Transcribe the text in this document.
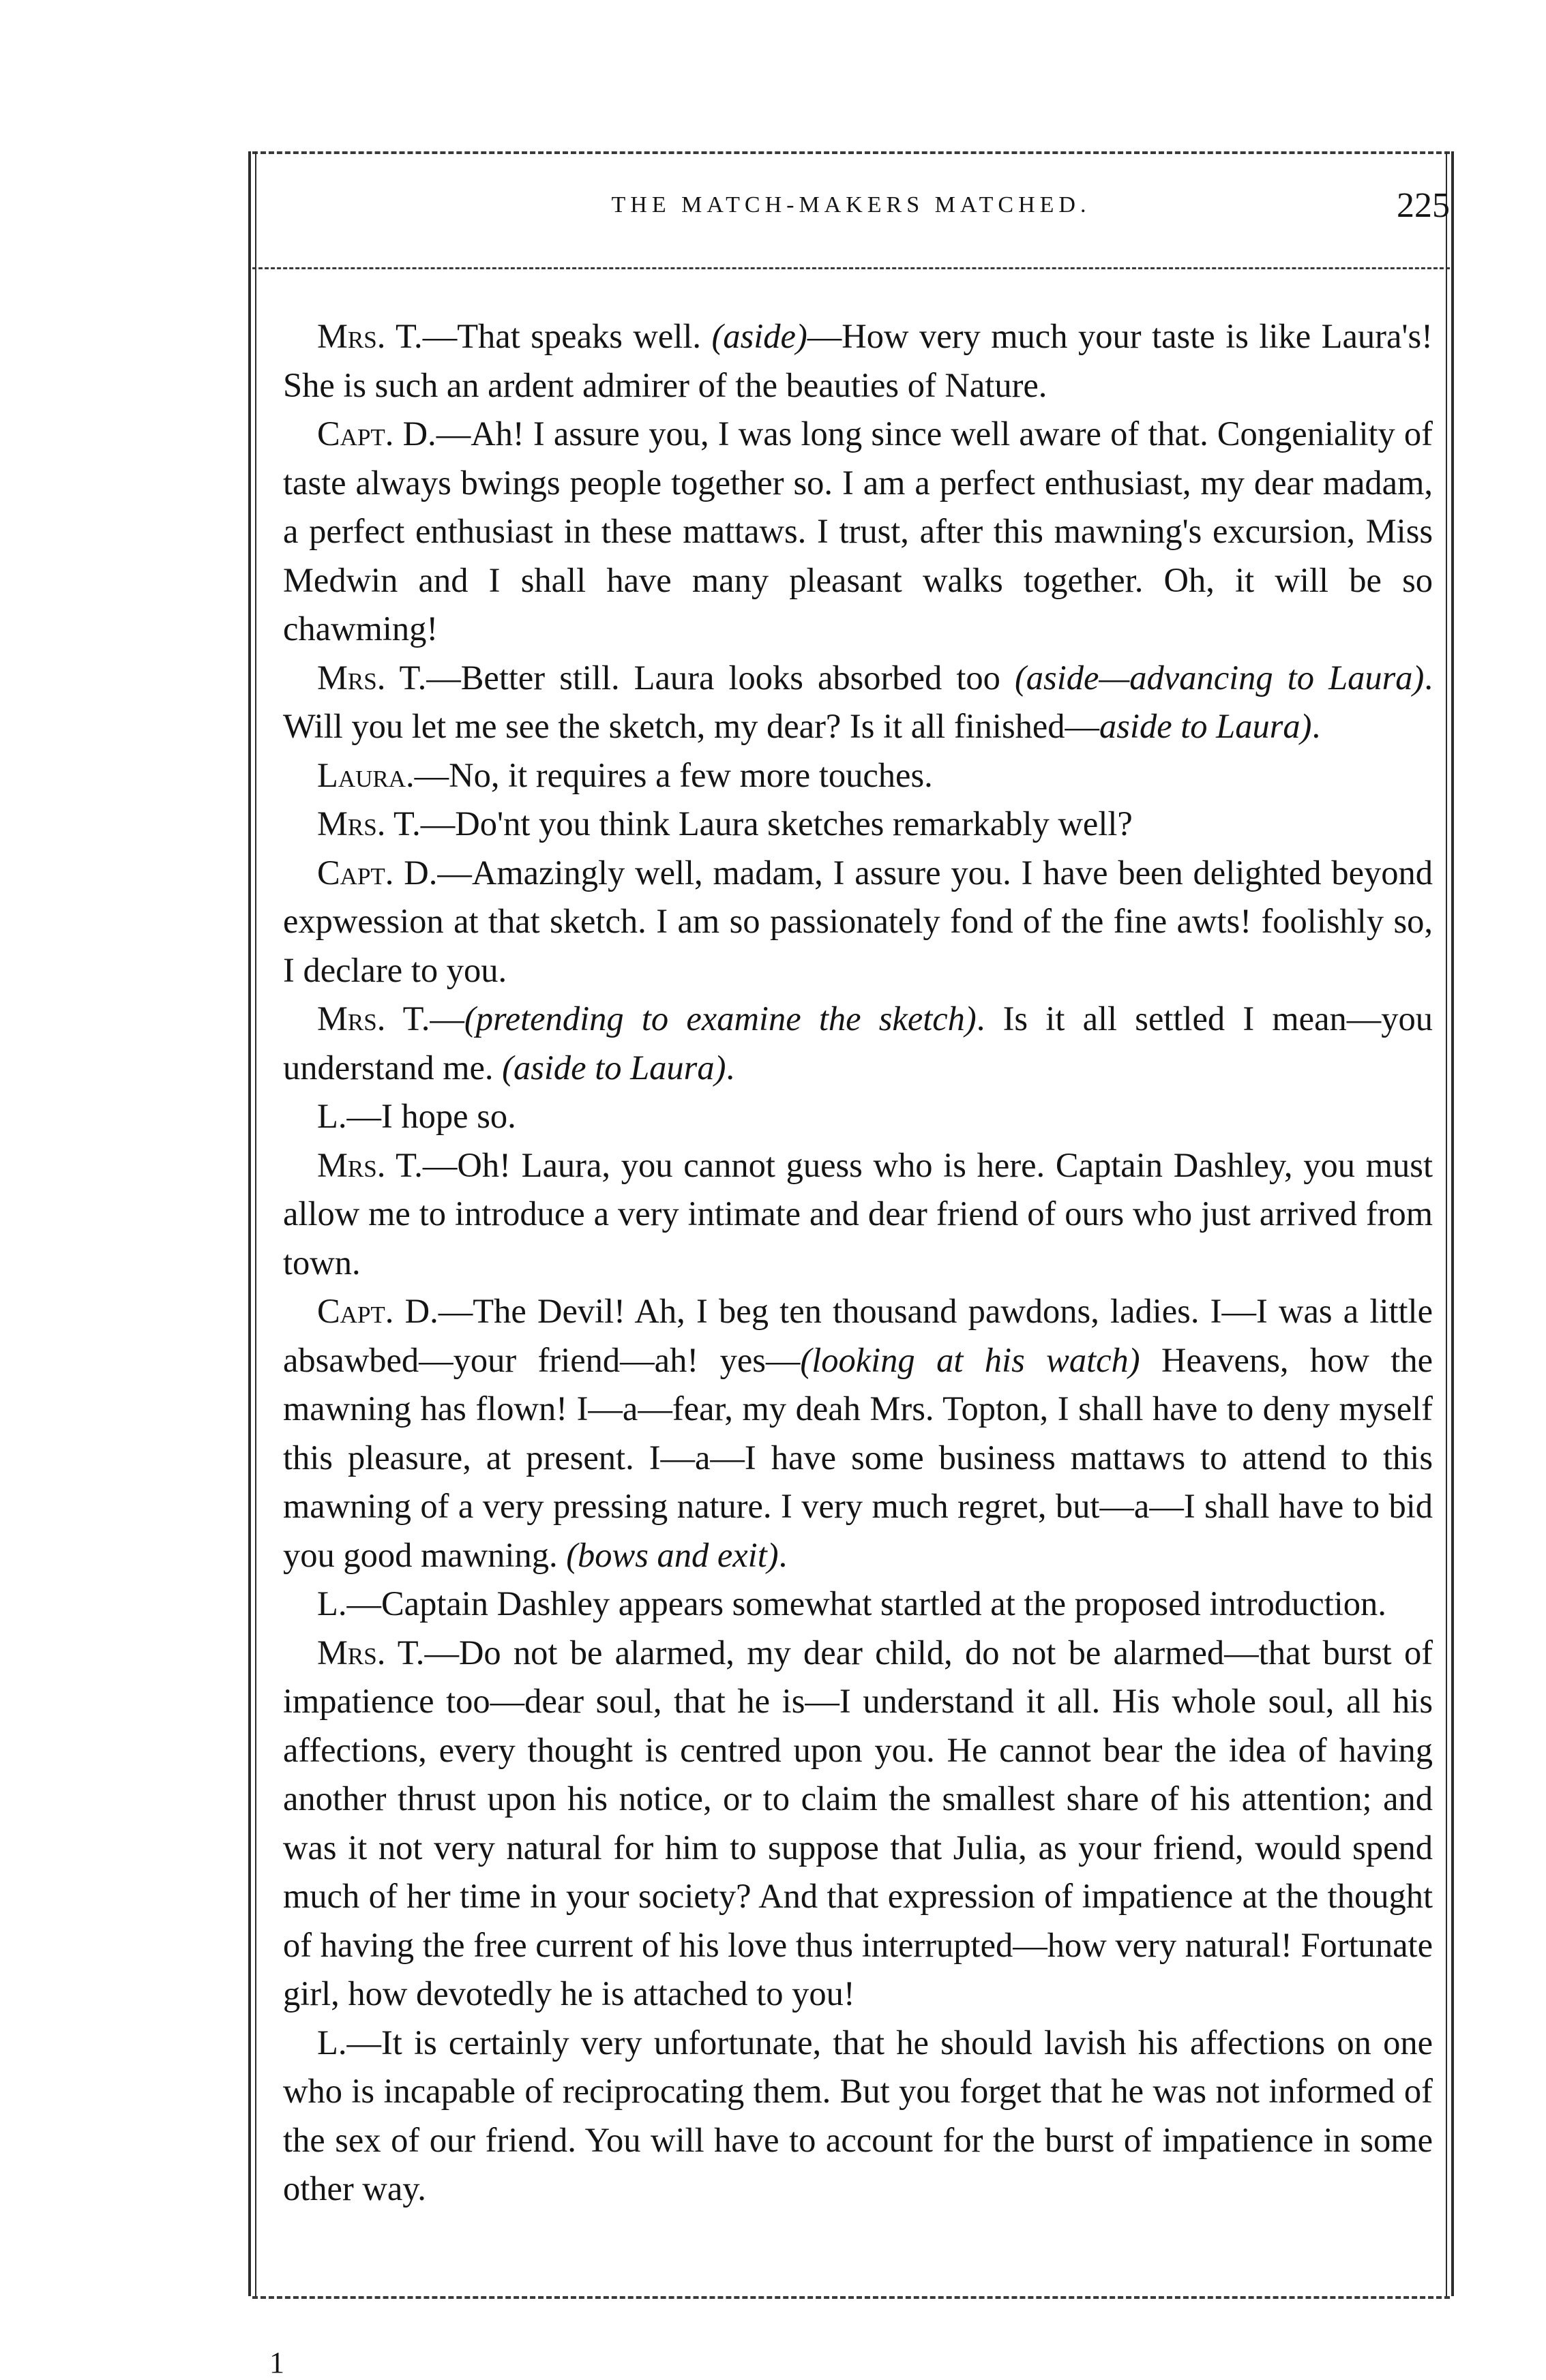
THE MATCH-MAKERS MATCHED.	225

Mrs. T.—That speaks well. (aside)—How very much your taste is like Laura's! She is such an ardent admirer of the beauties of Nature.

Capt. D.—Ah! I assure you, I was long since well aware of that. Congeniality of taste always bwings people together so. I am a perfect enthusiast, my dear madam, a perfect enthusiast in these mattaws. I trust, after this mawning's excursion, Miss Medwin and I shall have many pleasant walks together. Oh, it will be so chawming!

Mrs. T.—Better still. Laura looks absorbed too (aside—advancing to Laura). Will you let me see the sketch, my dear? Is it all finished—aside to Laura).

Laura.—No, it requires a few more touches.

Mrs. T.—Do'nt you think Laura sketches remarkably well?

Capt. D.—Amazingly well, madam, I assure you. I have been delighted beyond expwession at that sketch. I am so passionately fond of the fine awts! foolishly so, I declare to you.

Mrs. T.—(pretending to examine the sketch). Is it all settled I mean—you understand me. (aside to Laura).

L.—I hope so.

Mrs. T.—Oh! Laura, you cannot guess who is here. Captain Dashley, you must allow me to introduce a very intimate and dear friend of ours who just arrived from town.

Capt. D.—The Devil! Ah, I beg ten thousand pawdons, ladies. I—I was a little absawbed—your friend—ah! yes—(looking at his watch) Heavens, how the mawning has flown! I—a—fear, my deah Mrs. Topton, I shall have to deny myself this pleasure, at present. I—a—I have some business mattaws to attend to this mawning of a very pressing nature. I very much regret, but—a—I shall have to bid you good mawning. (bows and exit).

L.—Captain Dashley appears somewhat startled at the proposed introduction.

Mrs. T.—Do not be alarmed, my dear child, do not be alarmed—that burst of impatience too—dear soul, that he is—I understand it all. His whole soul, all his affections, every thought is centred upon you. He cannot bear the idea of having another thrust upon his notice, or to claim the smallest share of his attention; and was it not very natural for him to suppose that Julia, as your friend, would spend much of her time in your society? And that expression of impatience at the thought of having the free current of his love thus interrupted—how very natural! Fortunate girl, how devotedly he is attached to you!

L.—It is certainly very unfortunate, that he should lavish his affections on one who is incapable of reciprocating them. But you forget that he was not informed of the sex of our friend. You will have to account for the burst of impatience in some other way.

1
